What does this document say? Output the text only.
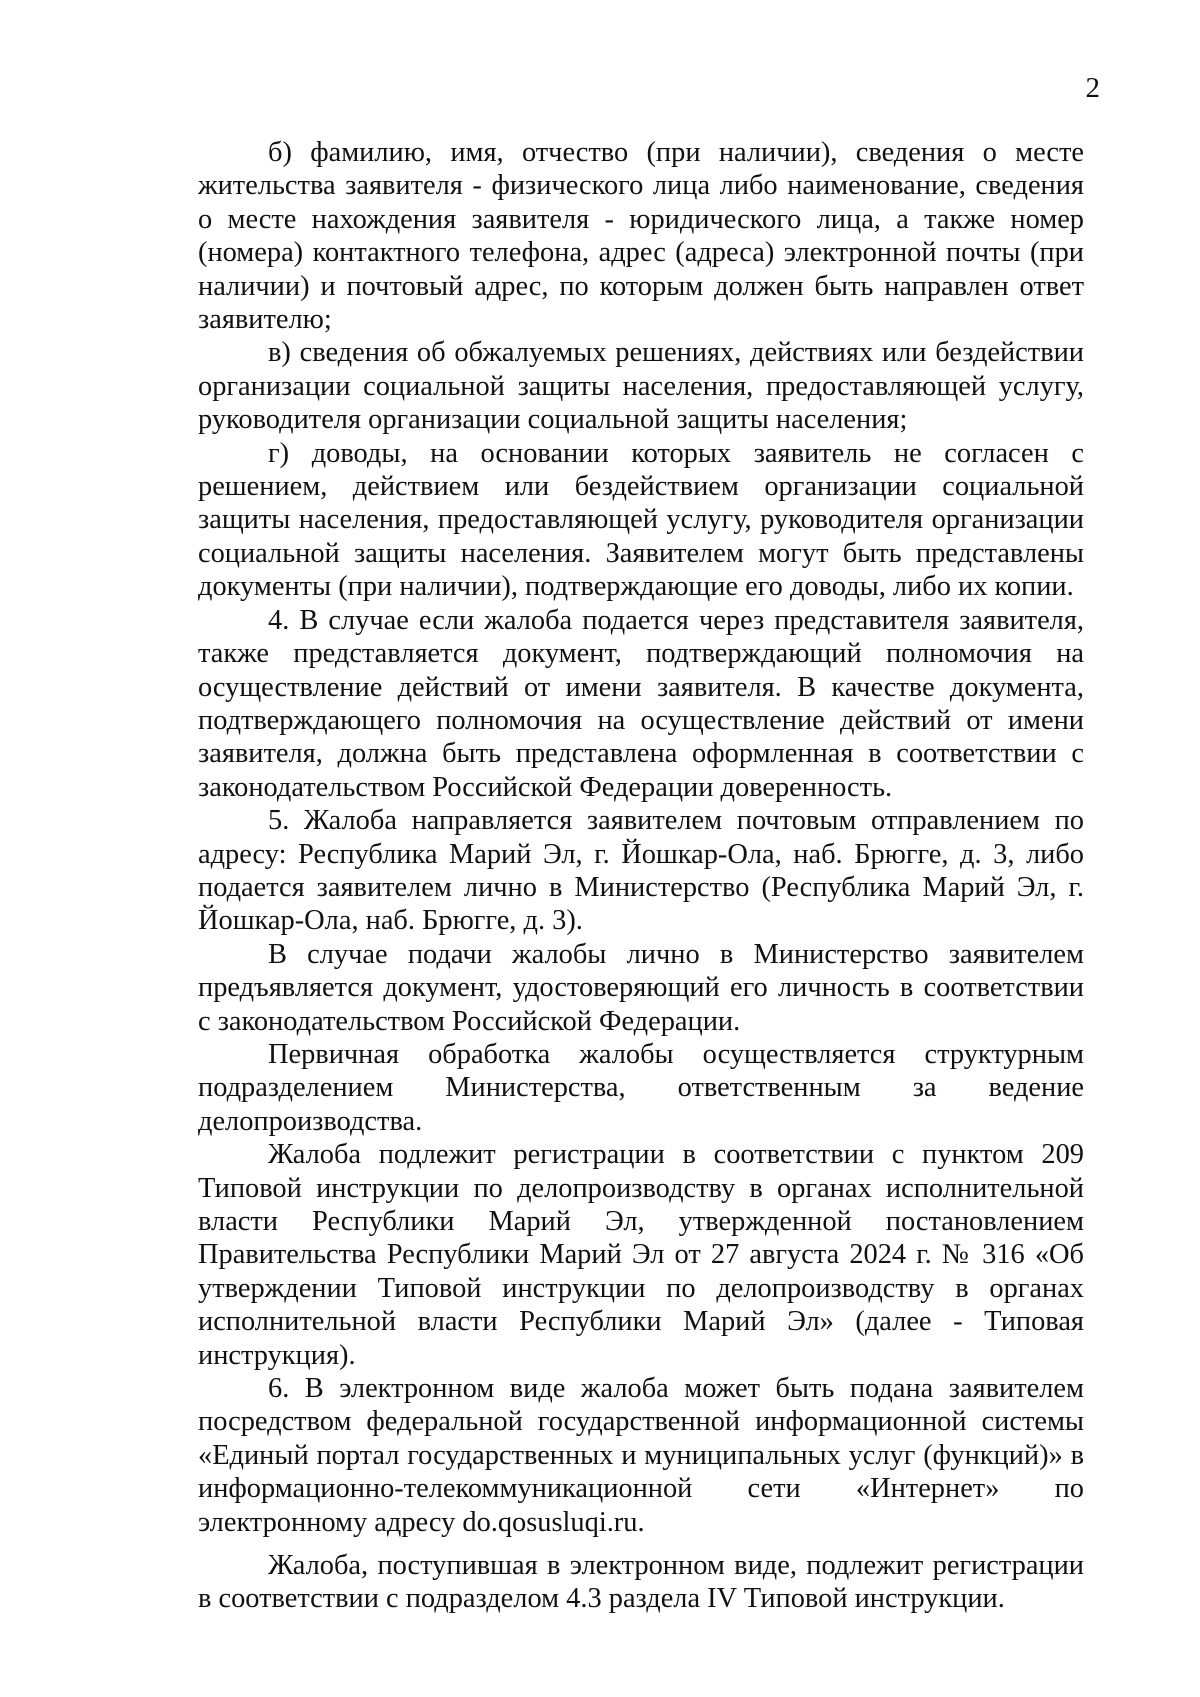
2

б) фамилию, имя, отчество (при наличии), сведения о месте жительства заявителя - физического лица либо наименование, сведения о месте нахождения заявителя - юридического лица, а также номер (номера) контактного телефона, адрес (адреса) электронной почты (при наличии) и почтовый адрес, по которым должен быть направлен ответ заявителю;

в) сведения об обжалуемых решениях, действиях или бездействии организации социальной защиты населения, предоставляющей услугу, руководителя организации социальной защиты населения;

г) доводы, на основании которых заявитель не согласен с решением, действием или бездействием организации социальной защиты населения, предоставляющей услугу, руководителя организации социальной защиты населения. Заявителем могут быть представлены документы (при наличии), подтверждающие его доводы, либо их копии.

4. В случае если жалоба подается через представителя заявителя, также представляется документ, подтверждающий полномочия на осуществление действий от имени заявителя. В качестве документа, подтверждающего полномочия на осуществление действий от имени заявителя, должна быть представлена оформленная в соответствии с законодательством Российской Федерации доверенность.

5. Жалоба направляется заявителем почтовым отправлением по адресу: Республика Марий Эл, г. Йошкар-Ола, наб. Брюгге, д. 3, либо подается заявителем лично в Министерство (Республика Марий Эл, г. Йошкар-Ола, наб. Брюгге, д. 3).

В случае подачи жалобы лично в Министерство заявителем предъявляется документ, удостоверяющий его личность в соответствии с законодательством Российской Федерации.

Первичная обработка жалобы осуществляется структурным подразделением Министерства, ответственным за ведение делопроизводства.

Жалоба подлежит регистрации в соответствии с пунктом 209 Типовой инструкции по делопроизводству в органах исполнительной власти Республики Марий Эл, утвержденной постановлением Правительства Республики Марий Эл от 27 августа 2024 г. № 316 «Об утверждении Типовой инструкции по делопроизводству в органах исполнительной власти Республики Марий Эл» (далее - Типовая инструкция).

6. В электронном виде жалоба может быть подана заявителем посредством федеральной государственной информационной системы «Единый портал государственных и муниципальных услуг (функций)» в информационно-телекоммуникационной сети «Интернет» по электронному адресу do.qosusluqi.ru.

Жалоба, поступившая в электронном виде, подлежит регистрации в соответствии с подразделом 4.3 раздела IV Типовой инструкции.
